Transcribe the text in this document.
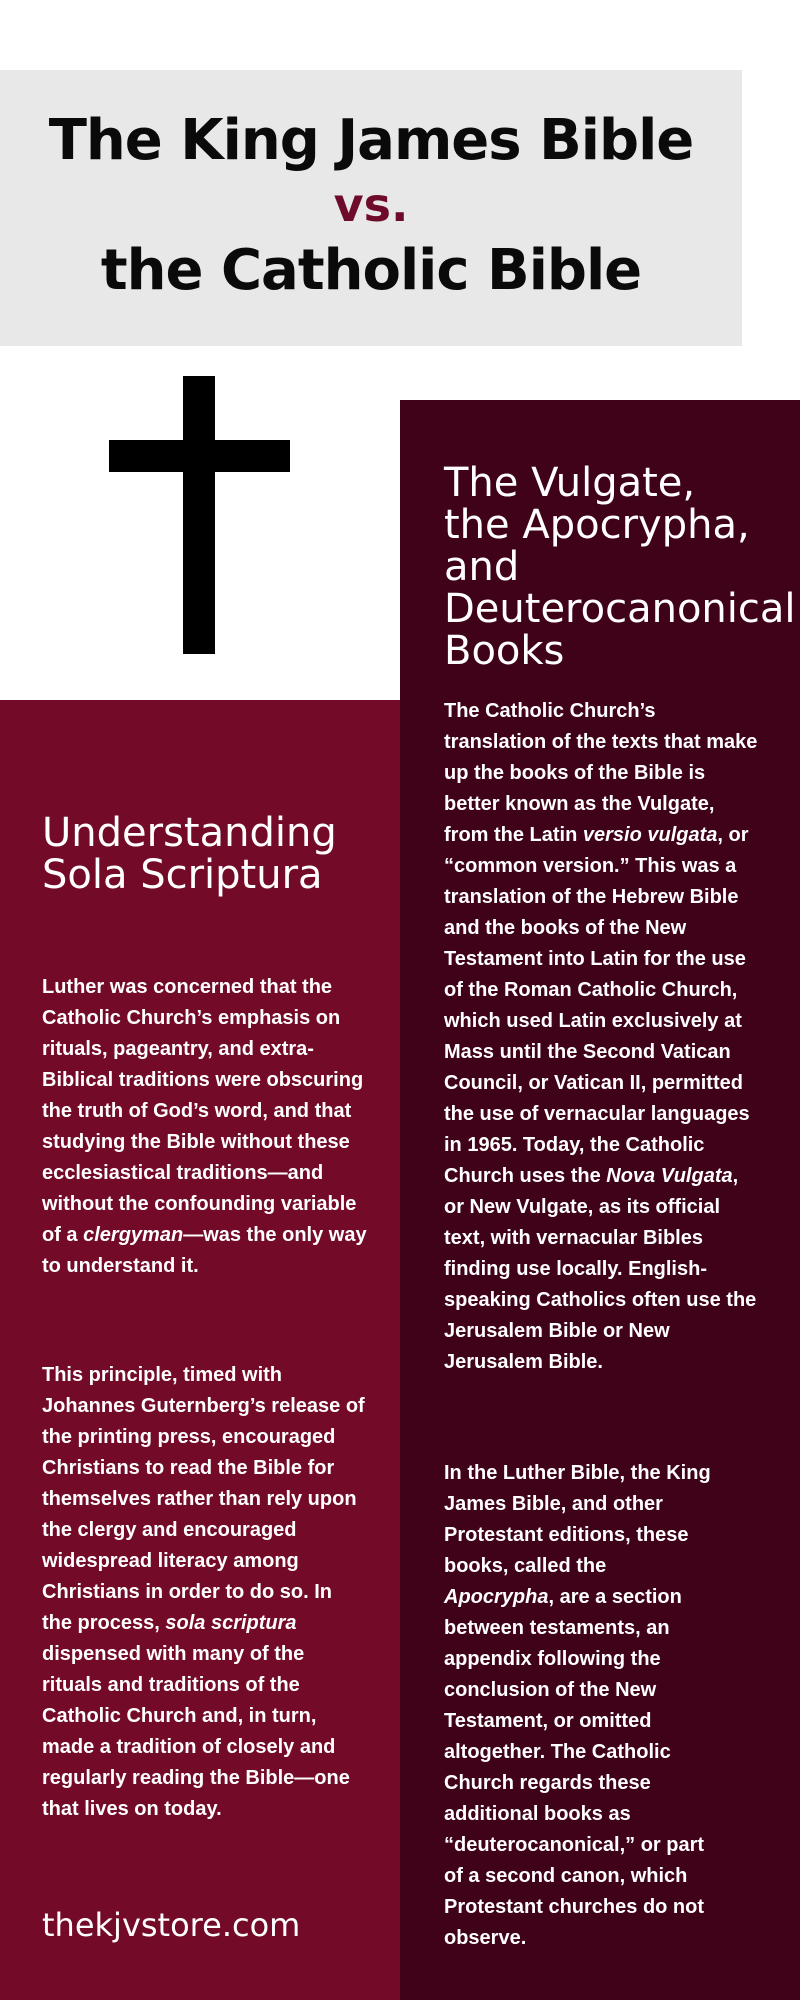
The King James Bible
vs.
the Catholic Bible
Understanding Sola Scriptura

Luther was concerned that the Catholic Church’s emphasis on rituals, pageantry, and extra-Biblical traditions were obscuring the truth of God’s word, and that studying the Bible without these ecclesiastical traditions—and without the confounding variable of a clergyman—was the only way to understand it.

This principle, timed with Johannes Guternberg’s release of the printing press, encouraged Christians to read the Bible for themselves rather than rely upon the clergy and encouraged widespread literacy among Christians in order to do so. In the process, sola scriptura dispensed with many of the rituals and traditions of the Catholic Church and, in turn, made a tradition of closely and regularly reading the Bible—one that lives on today.

thekjvstore.com
The Vulgate, the Apocrypha, and Deuterocanonical Books

The Catholic Church’s translation of the texts that make up the books of the Bible is better known as the Vulgate, from the Latin versio vulgata, or “common version.” This was a translation of the Hebrew Bible and the books of the New Testament into Latin for the use of the Roman Catholic Church, which used Latin exclusively at Mass until the Second Vatican Council, or Vatican II, permitted the use of vernacular languages in 1965. Today, the Catholic Church uses the Nova Vulgata, or New Vulgate, as its official text, with vernacular Bibles finding use locally. English-speaking Catholics often use the Jerusalem Bible or New Jerusalem Bible.

In the Luther Bible, the King James Bible, and other Protestant editions, these books, called the Apocrypha, are a section between testaments, an appendix following the conclusion of the New Testament, or omitted altogether. The Catholic Church regards these additional books as “deuterocanonical,” or part of a second canon, which Protestant churches do not observe.
